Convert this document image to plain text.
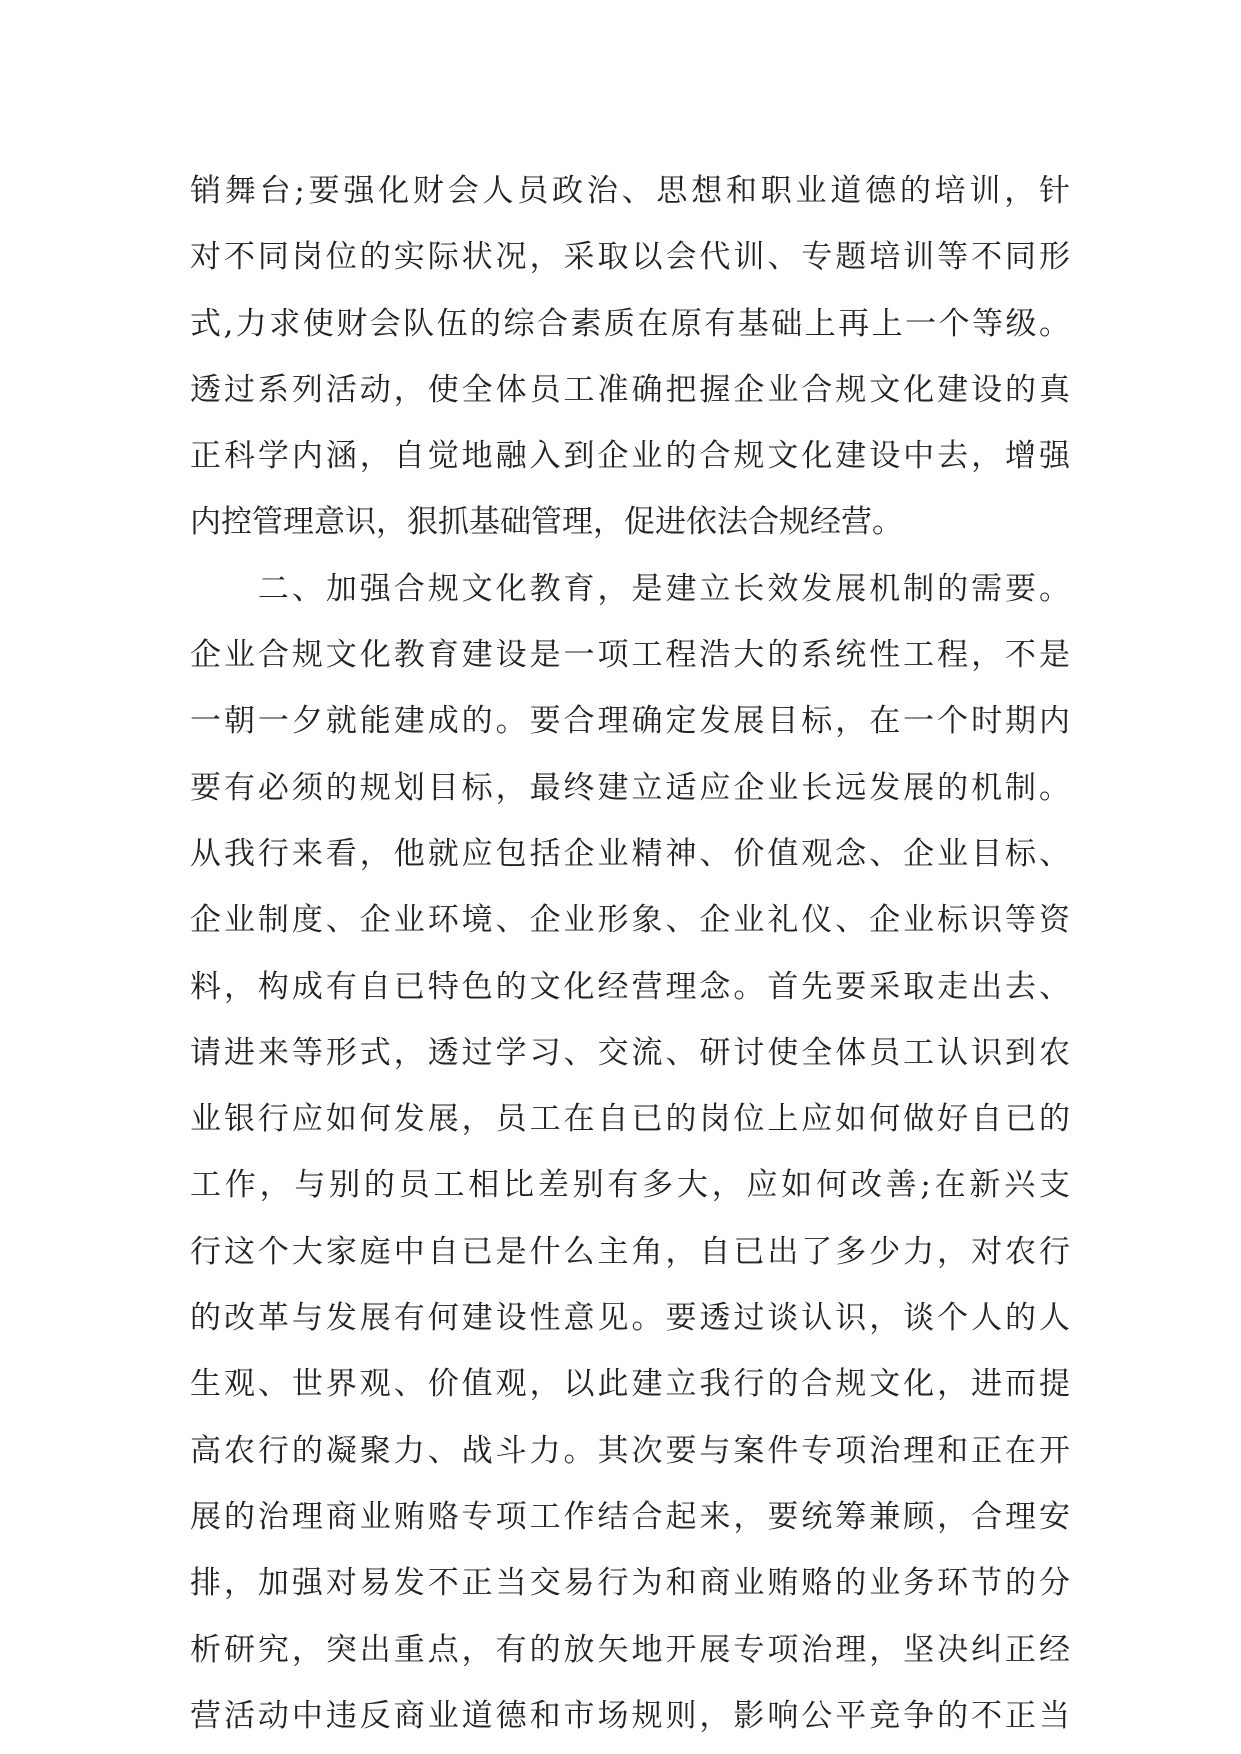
销舞台;要强化财会人员政治、思想和职业道德的培训，针
对不同岗位的实际状况，采取以会代训、专题培训等不同形
式,力求使财会队伍的综合素质在原有基础上再上一个等级。
透过系列活动，使全体员工准确把握企业合规文化建设的真
正科学内涵，自觉地融入到企业的合规文化建设中去，增强
内控管理意识，狠抓基础管理，促进依法合规经营。
　　二、加强合规文化教育，是建立长效发展机制的需要。
企业合规文化教育建设是一项工程浩大的系统性工程，不是
一朝一夕就能建成的。要合理确定发展目标，在一个时期内
要有必须的规划目标，最终建立适应企业长远发展的机制。
从我行来看，他就应包括企业精神、价值观念、企业目标、
企业制度、企业环境、企业形象、企业礼仪、企业标识等资
料，构成有自已特色的文化经营理念。首先要采取走出去、
请进来等形式，透过学习、交流、研讨使全体员工认识到农
业银行应如何发展，员工在自已的岗位上应如何做好自已的
工作，与别的员工相比差别有多大，应如何改善;在新兴支
行这个大家庭中自已是什么主角，自已出了多少力，对农行
的改革与发展有何建设性意见。要透过谈认识，谈个人的人
生观、世界观、价值观，以此建立我行的合规文化，进而提
高农行的凝聚力、战斗力。其次要与案件专项治理和正在开
展的治理商业贿赂专项工作结合起来，要统筹兼顾，合理安
排，加强对易发不正当交易行为和商业贿赂的业务环节的分
析研究，突出重点，有的放矢地开展专项治理，坚决纠正经
营活动中违反商业道德和市场规则，影响公平竞争的不正当
